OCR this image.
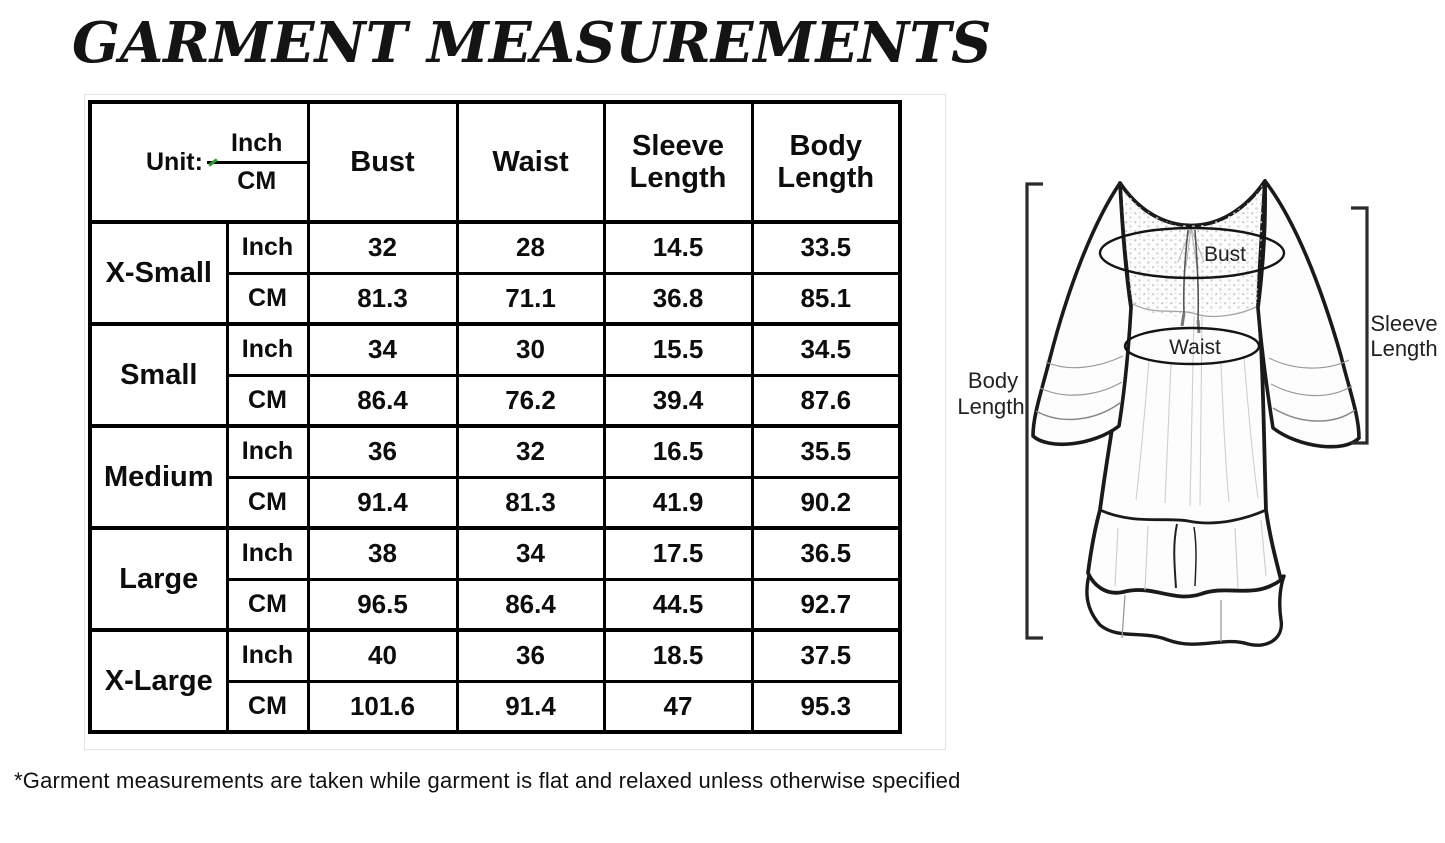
GARMENT MEASUREMENTS
Unit: $\frac{\text{Inch}}{CM}$		Bust	Waist	Sleeve Length	Body Length
X-Small	Inch	32	28	14.5	33.5
	CM	81.3	71.1	36.8	85.1
Small	Inch	34	30	15.5	34.5
	CM	86.4	76.2	39.4	87.6
Medium	Inch	36	32	16.5	35.5
	CM	91.4	81.3	41.9	90.2
Large	Inch	38	34	17.5	36.5
	CM	96.5	86.4	44.5	92.7
X-Large	Inch	40	36	18.5	37.5
	CM	101.6	91.4	47	95.3
Bust
Waist
Body
Length
Sleeve
Length
*Garment measurements are taken while garment is flat and relaxed unless otherwise specified
